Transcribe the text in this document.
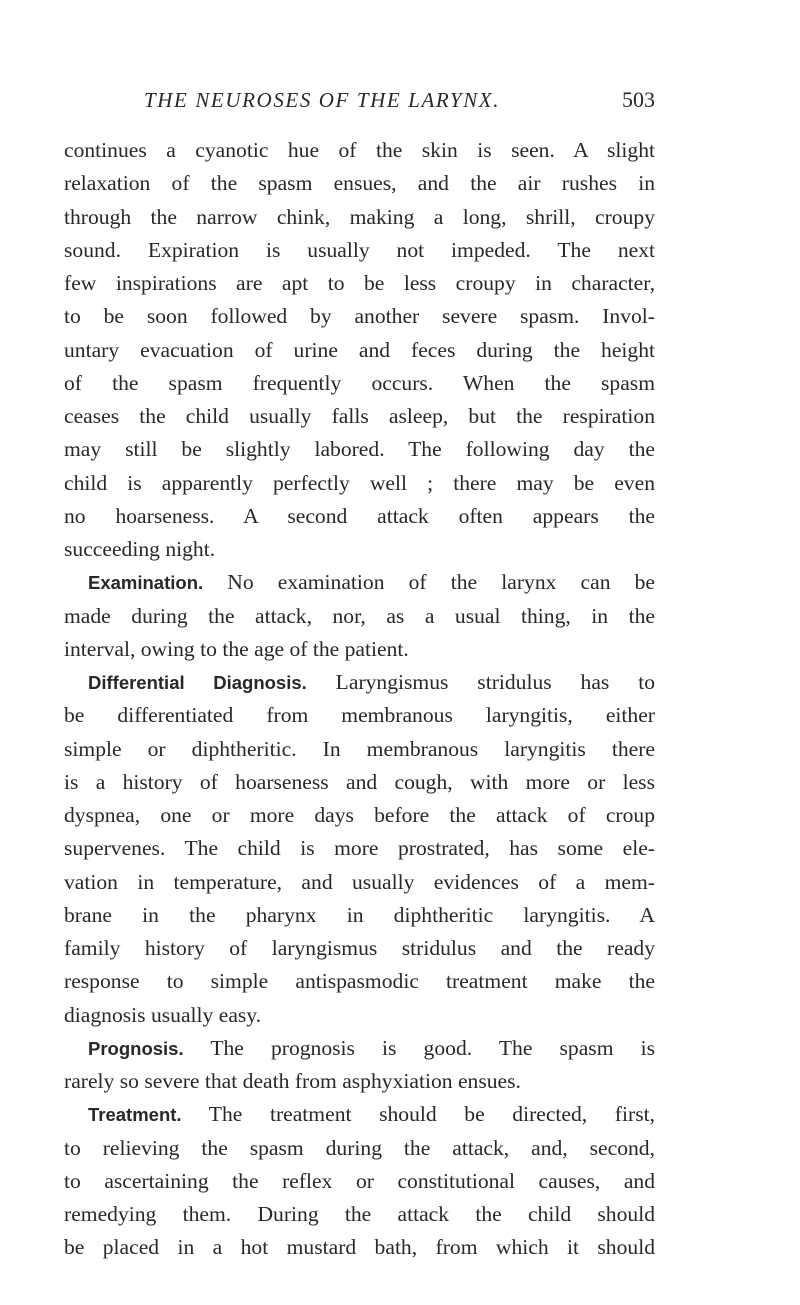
THE NEUROSES OF THE LARYNX.	503
continues a cyanotic hue of the skin is seen. A slight
relaxation of the spasm ensues, and the air rushes in
through the narrow chink, making a long, shrill, croupy
sound. Expiration is usually not impeded. The next
few inspirations are apt to be less croupy in character,
to be soon followed by another severe spasm. Invol-
untary evacuation of urine and feces during the height
of the spasm frequently occurs. When the spasm
ceases the child usually falls asleep, but the respiration
may still be slightly labored. The following day the
child is apparently perfectly well ; there may be even
no hoarseness. A second attack often appears the
succeeding night.
Examination. No examination of the larynx can be
made during the attack, nor, as a usual thing, in the
interval, owing to the age of the patient.
Differential Diagnosis. Laryngismus stridulus has to
be differentiated from membranous laryngitis, either
simple or diphtheritic. In membranous laryngitis there
is a history of hoarseness and cough, with more or less
dyspnea, one or more days before the attack of croup
supervenes. The child is more prostrated, has some ele-
vation in temperature, and usually evidences of a mem-
brane in the pharynx in diphtheritic laryngitis. A
family history of laryngismus stridulus and the ready
response to simple antispasmodic treatment make the
diagnosis usually easy.
Prognosis. The prognosis is good. The spasm is
rarely so severe that death from asphyxiation ensues.
Treatment. The treatment should be directed, first,
to relieving the spasm during the attack, and, second,
to ascertaining the reflex or constitutional causes, and
remedying them. During the attack the child should
be placed in a hot mustard bath, from which it should
